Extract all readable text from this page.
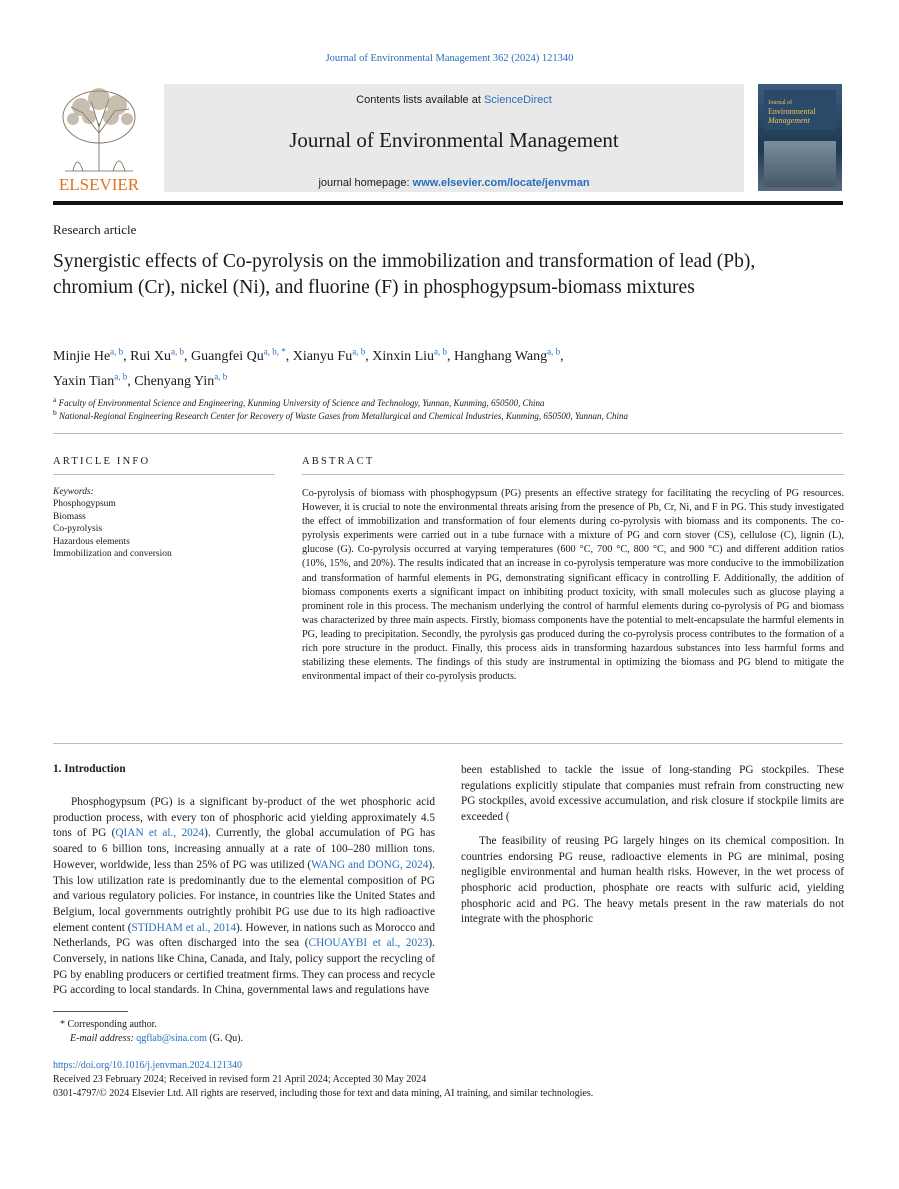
Journal of Environmental Management 362 (2024) 121340
ELSEVIER
Contents lists available at ScienceDirect
Journal of Environmental Management
journal homepage: www.elsevier.com/locate/jenvman
Journal of
Environmental
Management
Research article
Synergistic effects of Co-pyrolysis on the immobilization and transformation of lead (Pb), chromium (Cr), nickel (Ni), and fluorine (F) in phosphogypsum-biomass mixtures
Minjie He$^{a, b}$, Rui Xu$^{a, b}$, Guangfei $Qu^{a, b, *}$, Xianyu Fu$^{a, b}$, Xinxin Liu$^{a, b}$, Hanghang Wang$^{a, b}$,
Yaxin Tian$^{a, b}$, Chenyang Yin$^{a, b}$
$^a$ Faculty of Environmental Science and Engineering, Kunming University of Science and Technology, Yunnan, Kunming, 650500, China
$^b$ National-Regional Engineering Research Center for Recovery of Waste Gases from Metallurgical and Chemical Industries, Kunming, 650500, Yunnan, China
ARTICLE INFO
Keywords:
Phosphogypsum
Biomass
Co-pyrolysis
Hazardous elements
Immobilization and conversion
ABSTRACT
Co-pyrolysis of biomass with phosphogypsum (PG) presents an effective strategy for facilitating the recycling of PG resources. However, it is crucial to note the environmental threats arising from the presence of Pb, Cr, Ni, and F in PG. This study investigated the effect of immobilization and transformation of four elements during co-pyrolysis with biomass and its components. The co-pyrolysis experiments were carried out in a tube furnace with a mixture of PG and corn stover (CS), cellulose (C), lignin (L), glucose (G). Co-pyrolysis occurred at varying temperatures (600 °C, 700 °C, 800 °C, and 900 °C) and different addition ratios (10%, 15%, and 20%). The results indicated that an increase in co-pyrolysis temperature was more conducive to the immobilization and transformation of harmful elements in PG, demonstrating significant efficacy in controlling F. Additionally, the addition of biomass components exerts a significant impact on inhibiting product toxicity, with small molecules such as glucose playing a prominent role in this process. The mechanism underlying the control of harmful elements during co-pyrolysis of PG and biomass was characterized by three main aspects. Firstly, biomass components have the potential to melt-encapsulate the harmful elements in PG, leading to precipitation. Secondly, the pyrolysis gas produced during the co-pyrolysis process contributes to the formation of a rich pore structure in the product. Finally, this process aids in transforming hazardous substances into less harmful forms and stabilizing these elements. The findings of this study are instrumental in optimizing the biomass and PG blend to mitigate the environmental impact of their co-pyrolysis products.
1. Introduction

Phosphogypsum (PG) is a significant by-product of the wet phosphoric acid production process, with every ton of phosphoric acid yielding approximately 4.5 tons of PG (QIAN et al., 2024). Currently, the global accumulation of PG has soared to 6 billion tons, increasing annually at a rate of 100–280 million tons. However, worldwide, less than 25% of PG was utilized (WANG and DONG, 2024). This low utilization rate is predominantly due to the elemental composition of PG and various regulatory policies. For instance, in countries like the United States and Belgium, local governments outrightly prohibit PG use due to its high radioactive element content (STIDHAM et al., 2014). However, in nations such as Morocco and Netherlands, PG was often discharged into the sea (CHOUAYBI et al., 2023). Conversely, in nations like China, Canada, and Italy, policy support the recycling of PG by enabling producers or certified treatment firms. They can process and recycle PG according to local standards. In China, governmental laws and regulations have

been established to tackle the issue of long-standing PG stockpiles. These regulations explicitly stipulate that companies must refrain from constructing new PG stockpiles, avoid excessive accumulation, and risk closure if stockpile limits are exceeded (

The feasibility of reusing PG largely hinges on its chemical composition. In countries endorsing PG reuse, radioactive elements in PG are minimal, posing negligible environmental and human health risks. However, in the wet process of phosphoric acid production, phosphate ore reacts with sulfuric acid, yielding phosphoric acid and PG. The heavy metals present in the raw materials do not integrate with the phosphoric

* Corresponding author.
E-mail address: qgflab@sina.com (G. Qu).
https://doi.org/10.1016/j.jenvman.2024.121340
Received 23 February 2024; Received in revised form 21 April 2024; Accepted 30 May 2024
0301-4797/© 2024 Elsevier Ltd. All rights are reserved, including those for text and data mining, AI training, and similar technologies.
